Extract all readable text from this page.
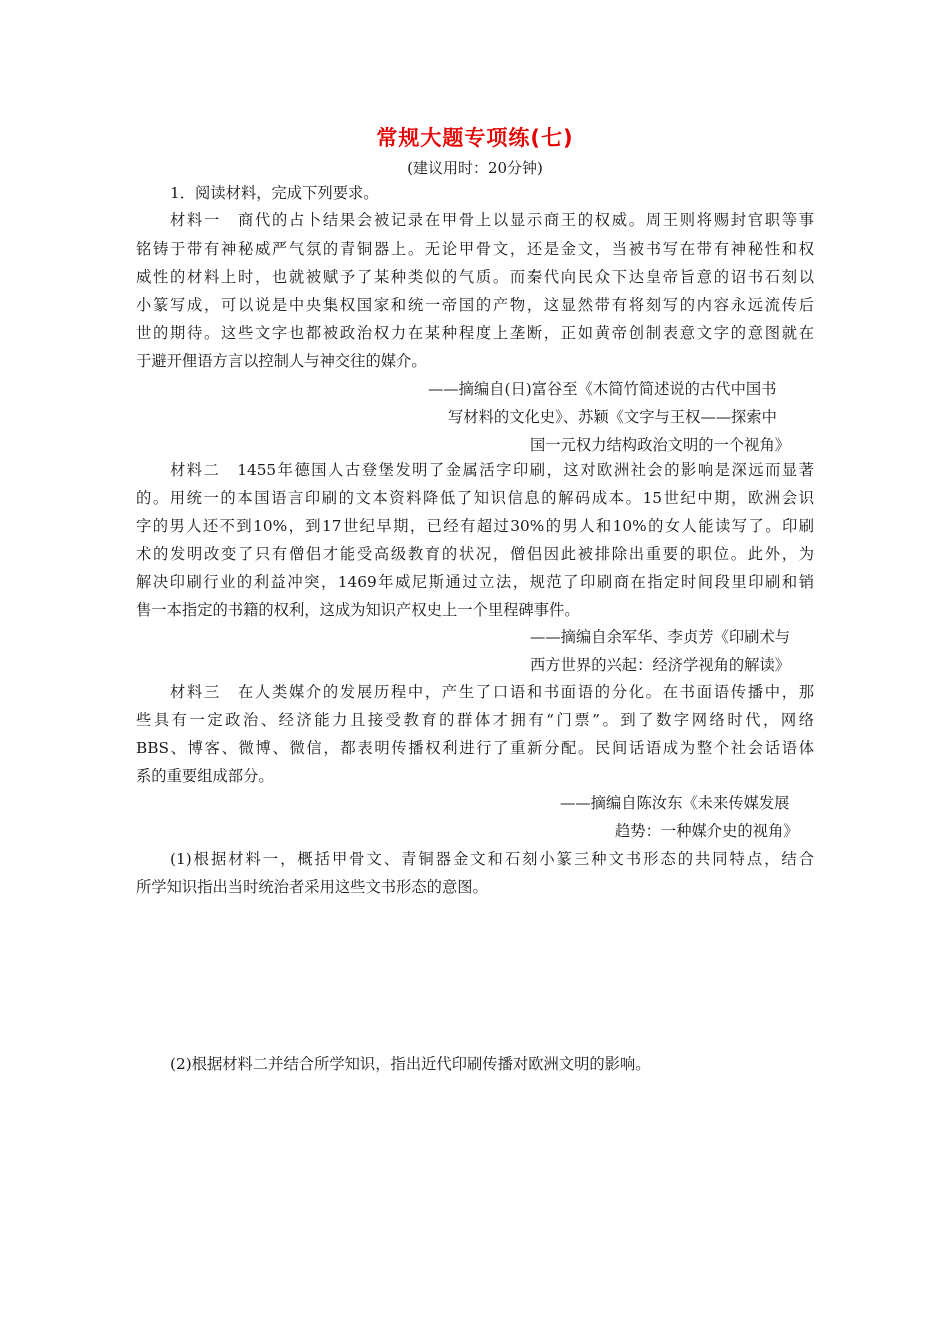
常规大题专项练(七)
(建议用时：20分钟)
1．阅读材料，完成下列要求。
材料一　商代的占卜结果会被记录在甲骨上以显示商王的权威。周王则将赐封官职等事
铭铸于带有神秘威严气氛的青铜器上。无论甲骨文，还是金文，当被书写在带有神秘性和权
威性的材料上时，也就被赋予了某种类似的气质。而秦代向民众下达皇帝旨意的诏书石刻以
小篆写成，可以说是中央集权国家和统一帝国的产物，这显然带有将刻写的内容永远流传后
世的期待。这些文字也都被政治权力在某种程度上垄断，正如黄帝创制表意文字的意图就在
于避开俚语方言以控制人与神交往的媒介。
——摘编自(日)富谷至《木简竹简述说的古代中国书
写材料的文化史》、苏颖《文字与王权——探索中
国一元权力结构政治文明的一个视角》
材料二　1455年德国人古登堡发明了金属活字印刷，这对欧洲社会的影响是深远而显著
的。用统一的本国语言印刷的文本资料降低了知识信息的解码成本。15世纪中期，欧洲会识
字的男人还不到10%，到17世纪早期，已经有超过30%的男人和10%的女人能读写了。印刷
术的发明改变了只有僧侣才能受高级教育的状况，僧侣因此被排除出重要的职位。此外，为
解决印刷行业的利益冲突，1469年威尼斯通过立法，规范了印刷商在指定时间段里印刷和销
售一本指定的书籍的权利，这成为知识产权史上一个里程碑事件。
——摘编自余军华、李贞芳《印刷术与
西方世界的兴起：经济学视角的解读》
材料三　在人类媒介的发展历程中，产生了口语和书面语的分化。在书面语传播中，那
些具有一定政治、经济能力且接受教育的群体才拥有“门票”。到了数字网络时代，网络
BBS、博客、微博、微信，都表明传播权利进行了重新分配。民间话语成为整个社会话语体
系的重要组成部分。
——摘编自陈汝东《未来传媒发展
趋势：一种媒介史的视角》
(1)根据材料一，概括甲骨文、青铜器金文和石刻小篆三种文书形态的共同特点，结合
所学知识指出当时统治者采用这些文书形态的意图。
(2)根据材料二并结合所学知识，指出近代印刷传播对欧洲文明的影响。
